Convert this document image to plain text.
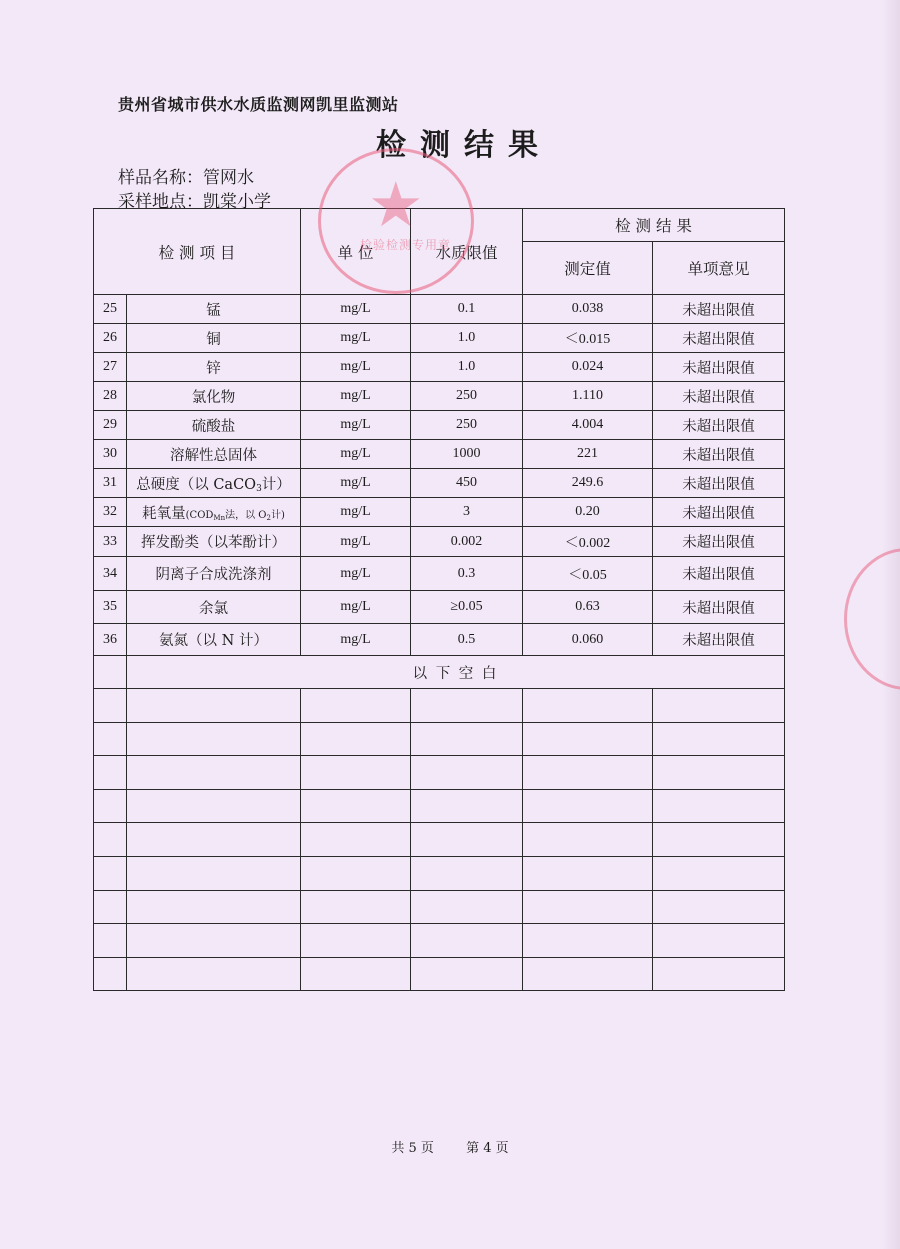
贵州省城市供水水质监测网凯里监测站
检测结果
样品名称：管网水
采样地点：凯棠小学
检 测 项 目		单 位	水质限值	检 测 结 果	
				测定值	单项意见
25	锰	mg/L	0.1	0.038	未超出限值
26	铜	mg/L	1.0	＜0.015	未超出限值
27	锌	mg/L	1.0	0.024	未超出限值
28	氯化物	mg/L	250	1.110	未超出限值
29	硫酸盐	mg/L	250	4.004	未超出限值
30	溶解性总固体	mg/L	1000	221	未超出限值
31	总硬度（以 CaCO$_3$计）	mg/L	450	249.6	未超出限值
32	耗氧量($COD_{Mn}$法，以 $O_2$计)	mg/L	3	0.20	未超出限值
33	挥发酚类（以苯酚计）	mg/L	0.002	＜0.002	未超出限值
34	阴离子合成洗涤剂	mg/L	0.3	＜0.05	未超出限值
35	余氯	mg/L	≥0.05	0.63	未超出限值
36	氨氮（以 N 计）	mg/L	0.5	0.060	未超出限值
	以 下 空 白				

★
检验检测专用章
共 5 页 第 4 页
